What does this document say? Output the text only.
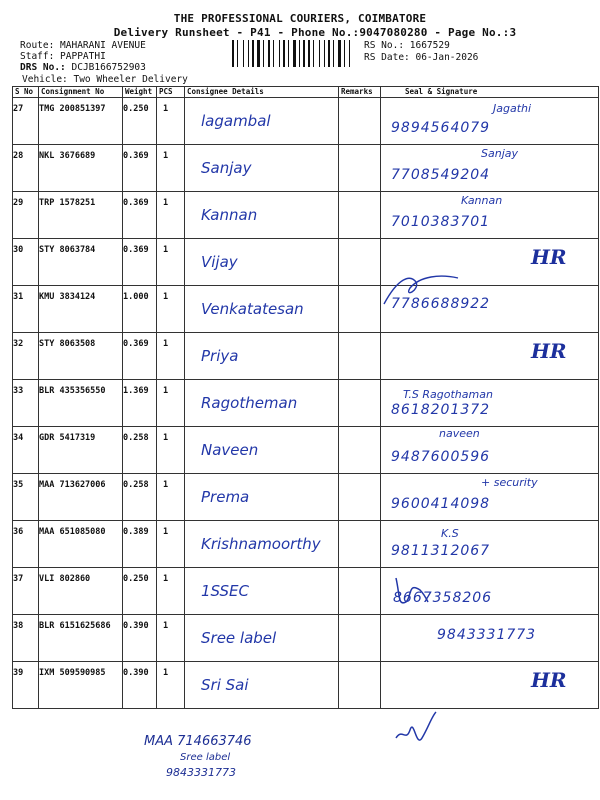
THE PROFESSIONAL COURIERS, COIMBATORE
Delivery Runsheet - P41 - Phone No.:9047080280 - Page No.:3
Route: MAHARANI AVENUE
Staff: PAPPATHI
DRS No.: DCJB166752903
Vehicle: Two Wheeler Delivery
RS No.: 1667529
RS Date: 06-Jan-2026
S No	Consignment No	Weight	PCS	Consignee Details	Remarks	Seal & Signature
27	TMG 200851397	0.250	1	lagambal		Jagathi
9894564079

28	NKL 3676689	0.369	1	Sanjay		Sanjay
7708549204

29	TRP 1578251	0.369	1	Kannan		Kannan
7010383701

30	STY 8063784	0.369	1	Vijay		HR

31	KMU 3834124	1.000	1	Venkatatesan		7786688922

32	STY 8063508	0.369	1	Priya		HR

33	BLR 435356550	1.369	1	Ragotheman		T.S Ragothaman
8618201372

34	GDR 5417319	0.258	1	Naveen		naveen
9487600596

35	MAA 713627006	0.258	1	Prema		+ security
9600414098

36	MAA 651085080	0.389	1	Krishnamoorthy		K.S
9811312067

37	VLI 802860	0.250	1	1SSEC		8667358206

38	BLR 6151625686	0.390	1	Sree label		9843331773

39	IXM 509590985	0.390	1	Sri Sai		HR
MAA 714663746
Sree label
9843331773
